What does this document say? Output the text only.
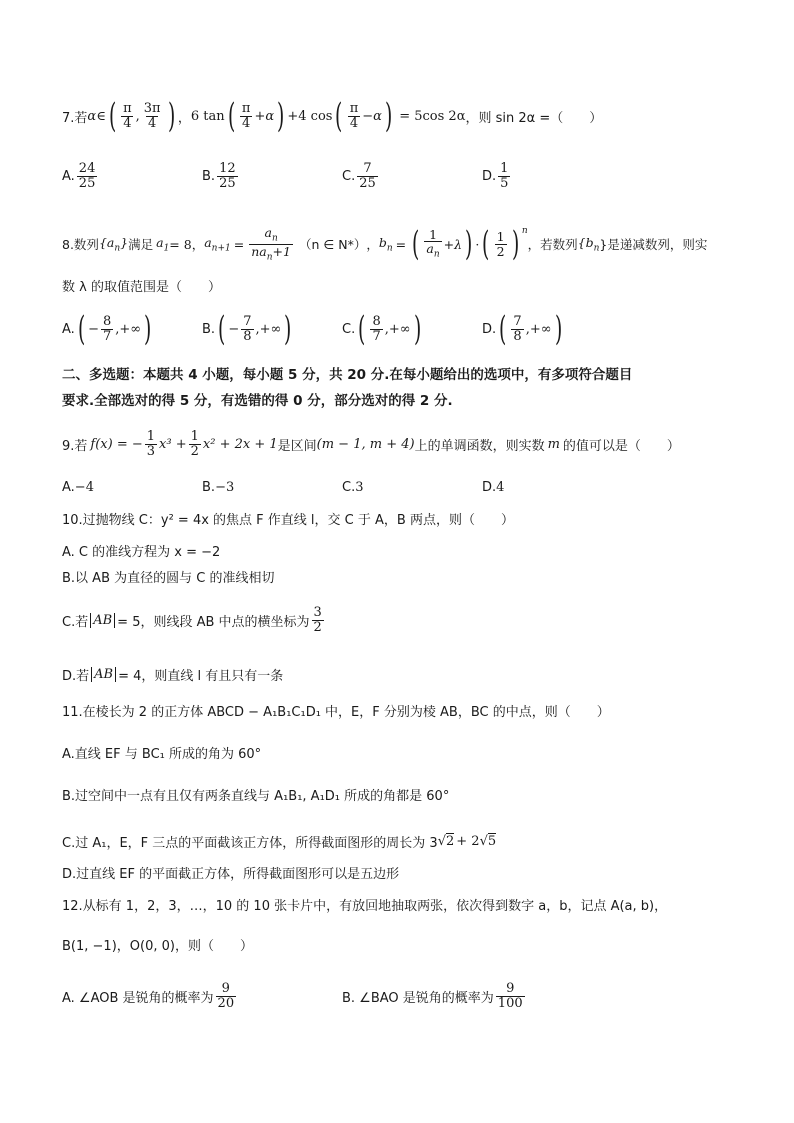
7.若 α ∈ ( $\frac{\pi}{4}$ , $\frac{3\pi}{4}$ ) ， 6 tan ( $\frac{\pi}{4} +\alpha$ ) +4 cos ( $\frac{\pi}{4} -\alpha$ ) = 5cos 2α ，则 sin 2α =（　　）
A. $\frac{24}{25}$	B. $\frac{12}{25}$	C. $\frac{7}{25}$	D. $\frac{1}{5}$
8.数列 $\{a_n\}$ 满足 $a_1 = 8$ ， $a_{n+1} = \frac{a_n}{na_n+1} (n$ ∈ N*） ， $b_n$ = ( $\frac{1}{a_n} +\lambda$ ) · ( $\frac{1}{2}$ ) $^n$
，若数列 {$b_n$ }是递减数列，则实
数 λ 的取值范围是（　　）
A. ( − $\frac{8}{7}$ ,+∞ )	B. ( − $\frac{7}{8}$ ,+∞ )	C. ( $\frac{8}{7}$ ,+∞ )	D. ( $\frac{7}{8}$ ,+∞ )
二、多选题：本题共 4 小题，每小题 5 分，共 20 分.在每小题给出的选项中，有多项符合题目
要求.全部选对的得 5 分，有选错的得 0 分，部分选对的得 2 分.
9.若 f(x) = − $\frac{1}{3} x^3 + \frac{1}{2} x^2 + 2x + 1$ 是区间 (m − 1, m + 4) 上的单调函数，则实数 m 的值可以是（　　）
A. −4	B. −3	C. 3	D. 4
10.过抛物线 C：y² = 4x 的焦点 F 作直线 l，交 C 于 A，B 两点，则（　　）
A. C 的准线方程为 x = −2
B.以 AB 为直径的圆与 C 的准线相切
C.若 AB = 5，则线段 AB 中点的横坐标为 $\frac{3}{2}$
D.若 AB = 4，则直线 l 有且只有一条
11.在棱长为 2 的正方体 ABCD − A₁B₁C₁D₁ 中，E，F 分别为棱 AB，BC 的中点，则（　　）
A.直线 EF 与 BC₁ 所成的角为 60°
B.过空间中一点有且仅有两条直线与 A₁B₁, A₁D₁ 所成的角都是 60°
C.过 A₁，E，F 三点的平面截该正方体，所得截面图形的周长为 3 √ 2 + 2 √ 5
D.过直线 EF 的平面截正方体，所得截面图形可以是五边形
12.从标有 1，2，3，…，10 的 10 张卡片中，有放回地抽取两张，依次得到数字 a，b，记点 A(a, b)，
B(1, −1)，O(0, 0)，则（　　）
A. ∠AOB 是锐角的概率为 $\frac{9}{20}$	B. ∠BAO 是锐角的概率为 $\frac{9}{100}$
